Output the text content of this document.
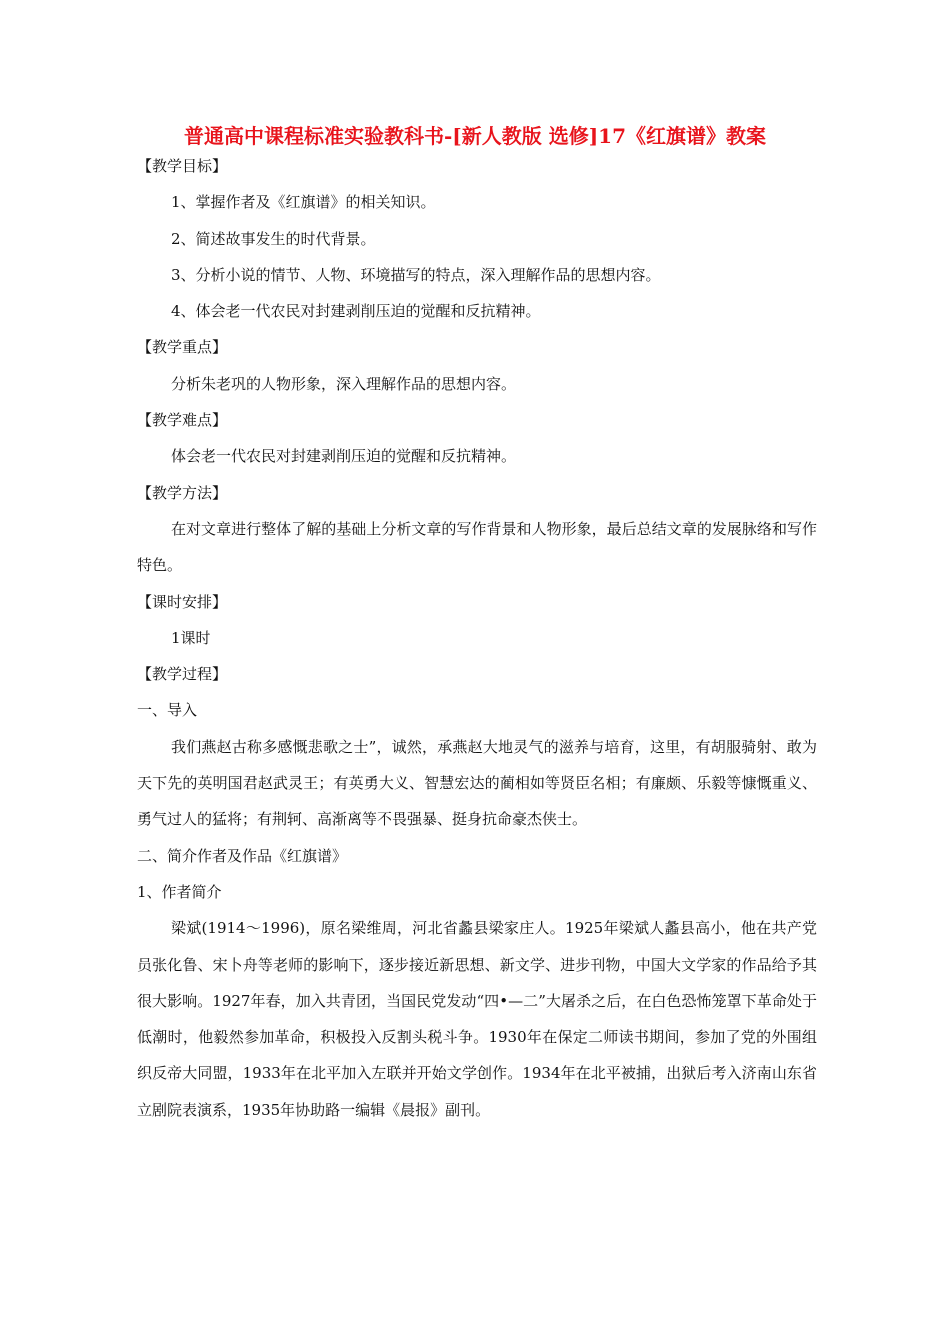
普通高中课程标准实验教科书-[新人教版 选修]17《红旗谱》教案
【教学目标】
1、掌握作者及《红旗谱》的相关知识。
2、简述故事发生的时代背景。
3、分析小说的情节、人物、环境描写的特点，深入理解作品的思想内容。
4、体会老一代农民对封建剥削压迫的觉醒和反抗精神。
【教学重点】
分析朱老巩的人物形象，深入理解作品的思想内容。
【教学难点】
体会老一代农民对封建剥削压迫的觉醒和反抗精神。
【教学方法】

在对文章进行整体了解的基础上分析文章的写作背景和人物形象，最后总结文章的发展脉络和写作特色。

【课时安排】
1课时
【教学过程】
一、导入

我们燕赵古称多感慨悲歌之士”，诚然，承燕赵大地灵气的滋养与培育，这里，有胡服骑射、敢为天下先的英明国君赵武灵王；有英勇大义、智慧宏达的蔺相如等贤臣名相；有廉颇、乐毅等慷慨重义、勇气过人的猛将；有荆轲、高渐离等不畏强暴、挺身抗命豪杰侠士。

二、简介作者及作品《红旗谱》
1、作者简介

梁斌(1914～1996)，原名梁维周，河北省蠡县梁家庄人。1925年梁斌人蠡县高小，他在共产党员张化鲁、宋卜舟等老师的影响下，逐步接近新思想、新文学、进步刊物，中国大文学家的作品给予其很大影响。1927年春，加入共青团，当国民党发动“四•—二”大屠杀之后，在白色恐怖笼罩下革命处于低潮时，他毅然参加革命，积极投入反割头税斗争。1930年在保定二师读书期间，参加了党的外围组织反帝大同盟，1933年在北平加入左联并开始文学创作。1934年在北平被捕，出狱后考入济南山东省立剧院表演系，1935年协助路一编辑《晨报》副刊。
